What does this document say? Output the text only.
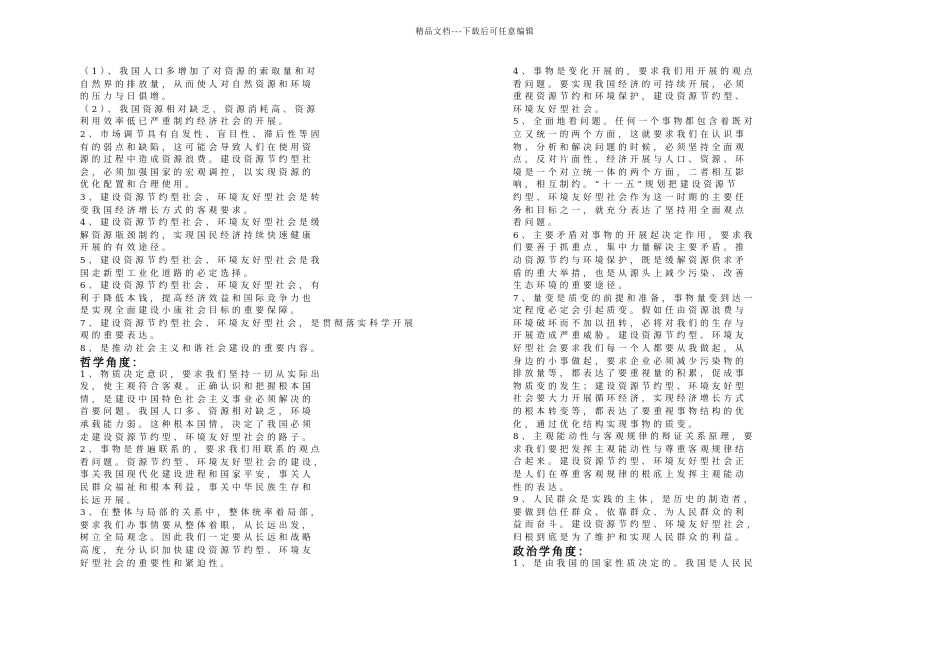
精品文档---下载后可任意编辑
（1）、我国人口多增加了对资源的索取量和对
自然界的排放量，从而使人对自然资源和环境
的压力与日俱增。
（2）、我国资源相对缺乏，资源消耗高、资源
利用效率低已严重制约经济社会的开展。
2、市场调节具有自发性、盲目性、滞后性等固
有的弱点和缺陷，这可能会导致人们在使用资
源的过程中造成资源浪费。建设资源节约型社
会，必须加强国家的宏观调控，以实现资源的
优化配置和合理使用。
3、建设资源节约型社会、环境友好型社会是转
变我国经济增长方式的客观要求。
4、建设资源节约型社会、环境友好型社会是缓
解资源瓶颈制约，实现国民经济持续快速健康
开展的有效途径。
5、建设资源节约型社会、环境友好型社会是我
国走新型工业化道路的必定选择。
6、建设资源节约型社会、环境友好型社会，有
利于降低本钱，提高经济效益和国际竞争力也
是实现全面建设小康社会目标的重要保障。
7、建设资源节约型社会、环境友好型社会，是贯彻落实科学开展
观的重要表达。
8、是推动社会主义和谐社会建设的重要内容。
哲学角度：
1、物质决定意识，要求我们坚持一切从实际出
发，使主观符合客观。正确认识和把握根本国
情，是建设中国特色社会主义事业必须解决的
首要问题。我国人口多、资源相对缺乏，环境
承载能力弱。这种根本国情，决定了我国必须
走建设资源节约型、环境友好型社会的路子。
2、事物是普遍联系的，要求我们用联系的观点
看问题。资源节约型、环境友好型社会的建设，
事关我国现代化建设进程和国家平安，事关人
民群众福祉和根本利益，事关中华民族生存和
长远开展。
3、在整体与局部的关系中，整体统率着局部，
要求我们办事情要从整体着眼，从长远出发，
树立全局观念。因此我们一定要从长远和战略
高度，充分认识加快建设资源节约型、环境友
好型社会的重要性和紧迫性。
4、事物是变化开展的，要求我们用开展的观点
看问题。要实现我国经济的可持续开展，必须
重视资源节约和环境保护，建设资源节约型、
环境友好型社会。
5、全面地看问题。任何一个事物都包含着既对
立又统一的两个方面，这就要求我们在认识事
物、分析和解决问题的时候，必须坚持全面观
点，反对片面性，经济开展与人口、资源、环
境是一个对立统一体的两个方面，二者相互影
响，相互制约。“十一五”规划把建设资源节
约型、环境友好型社会作为这一时期的主要任
务和目标之一，就充分表达了坚持用全面观点
看问题。
6、主要矛盾对事物的开展起决定作用，要求我
们要善于抓重点，集中力量解决主要矛盾。推
动资源节约与环境保护，既是缓解资源供求矛
盾的重大举措，也是从源头上减少污染、改善
生态环境的重要途径。
7、量变是质变的前提和准备，事物量变到达一
定程度必定会引起质变。假如任由资源浪费与
环境破坏而不加以扭转，必将对我们的生存与
开展造成严重威胁。建设资源节约型、环境友
好型社会要求我们每一个人都要从我做起，从
身边的小事做起，要求企业必须减少污染物的
排放量等，都表达了要重视量的积累，促成事
物质变的发生；建设资源节约型、环境友好型
社会要大力开展循环经济，实现经济增长方式
的根本转变等，都表达了要重视事物结构的优
化，通过优化结构实现事物的质变。
8、主观能动性与客观规律的辩证关系原理，要
求我们要把发挥主观能动性与尊重客观规律结
合起来。建设资源节约型、环境友好型社会正
是人们在尊重客观规律的根底上发挥主观能动
性的表达。
9、人民群众是实践的主体，是历史的制造者，
要做到信任群众、依靠群众、为人民群众的利
益而奋斗。建设资源节约型、环境友好型社会，
归根到底是为了维护和实现人民群众的利益。
政治学角度：
1、是由我国的国家性质决定的。我国是人民民
